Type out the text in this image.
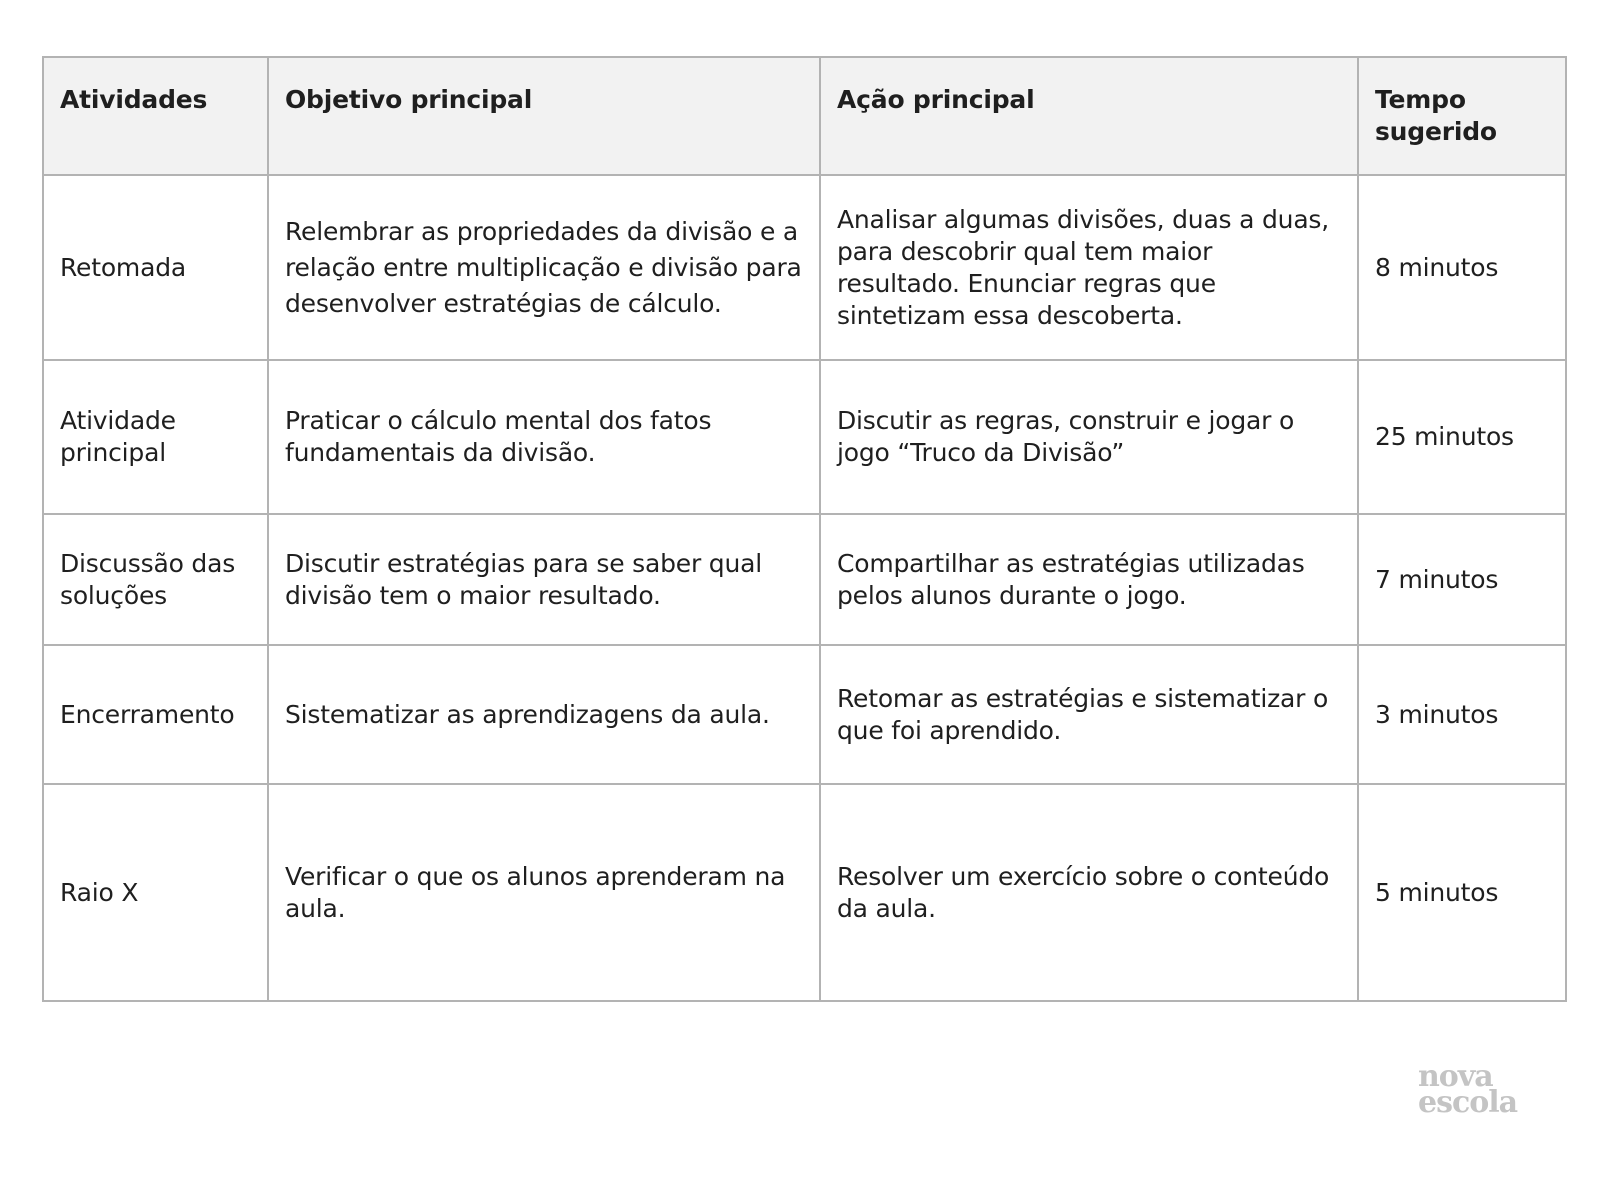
Atividades	Objetivo principal	Ação principal	Tempo sugerido
Retomada	Relembrar as propriedades da divisão e a relação entre multiplicação e divisão para desenvolver estratégias de cálculo.	Analisar algumas divisões, duas a duas, para descobrir qual tem maior resultado. Enunciar regras que sintetizam essa descoberta.	8 minutos
Atividade principal	Praticar o cálculo mental dos fatos fundamentais da divisão.	Discutir as regras, construir e jogar o jogo “Truco da Divisão”	25 minutos
Discussão das soluções	Discutir estratégias para se saber qual divisão tem o maior resultado.	Compartilhar as estratégias utilizadas pelos alunos durante o jogo.	7 minutos
Encerramento	Sistematizar as aprendizagens da aula.	Retomar as estratégias e sistematizar o que foi aprendido.	3 minutos
Raio X	Verificar o que os alunos aprenderam na aula.	Resolver um exercício sobre o conteúdo da aula.	5 minutos
nova
escola
